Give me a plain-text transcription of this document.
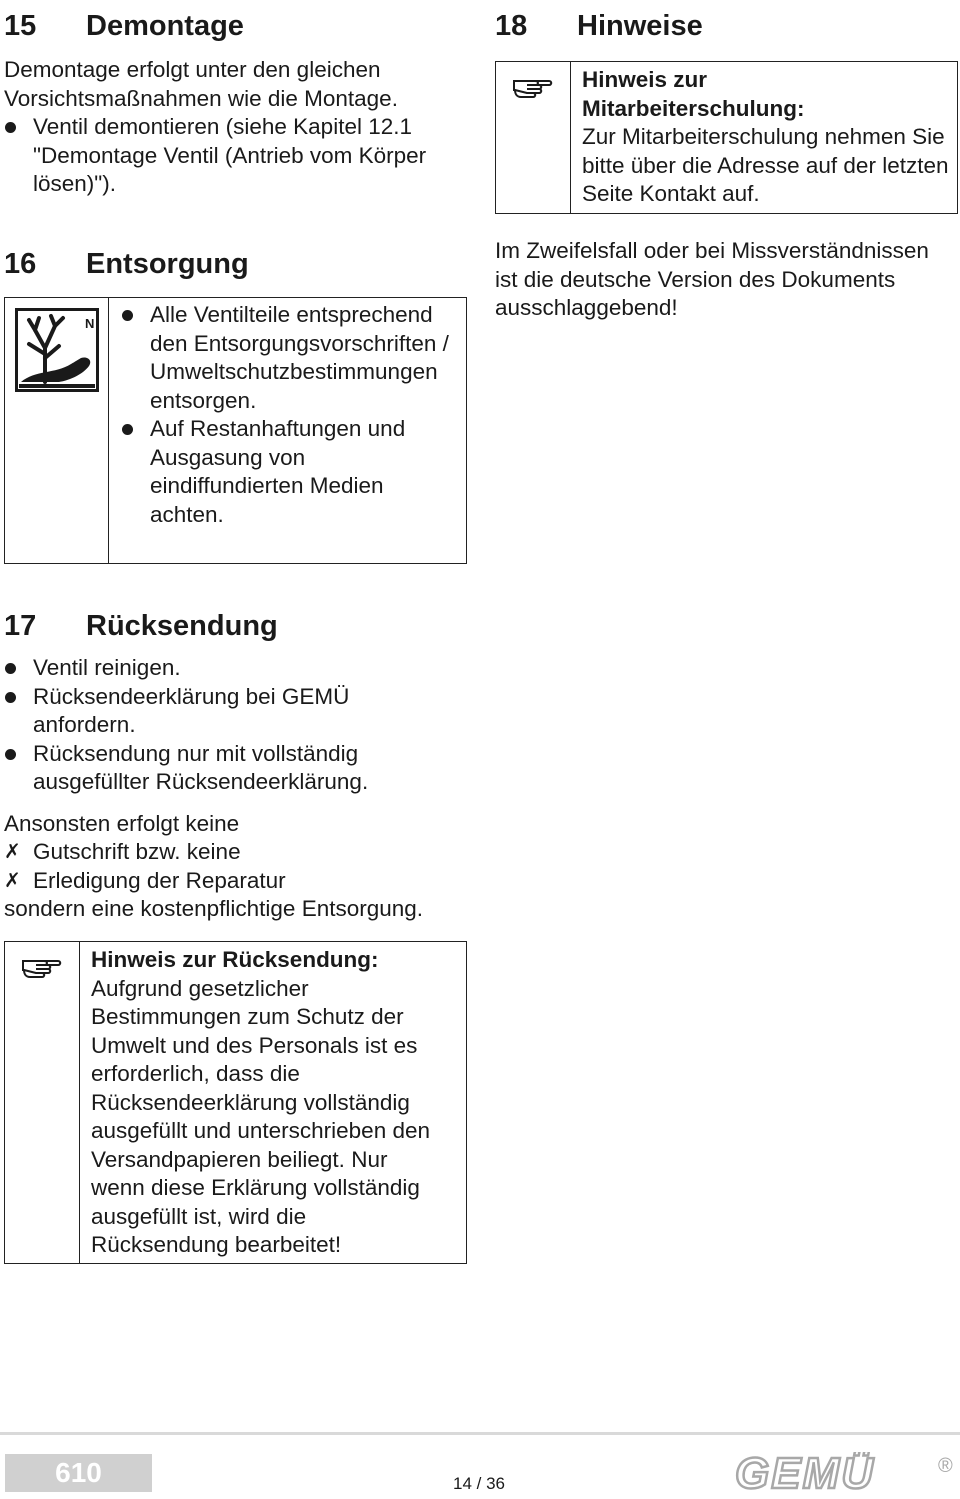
15	Demontage
Demontage erfolgt unter den gleichen Vorsichtsmaßnahmen wie die Montage.
Ventil demontieren (siehe Kapitel 12.1 "Demontage Ventil (Antrieb vom Körper lösen)").
16	Entsorgung
N	Alle Ventilteile entsprechend den Entsorgungsvorschriften / Umweltschutzbestimmungen entsorgen.
Auf Restanhaftungen und Ausgasung von eindiffundierten Medien achten.
17	Rücksendung
Ventil reinigen.
Rücksendeerklärung bei GEMÜ anfordern.
Rücksendung nur mit vollständig ausgefüllter Rücksendeerklärung.
Ansonsten erfolgt keine
✗ Gutschrift bzw. keine
✗ Erledigung der Reparatur
sondern eine kostenpflichtige Entsorgung.
Hinweis zur Rücksendung:
Aufgrund gesetzlicher Bestimmungen zum Schutz der Umwelt und des Personals ist es erforderlich, dass die Rücksendeerklärung vollständig ausgefüllt und unterschrieben den Versandpapieren beiliegt. Nur wenn diese Erklärung vollständig ausgefüllt ist, wird die Rücksendung bearbeitet!
18	Hinweise
Hinweis zur Mitarbeiterschulung:
Zur Mitarbeiterschulung nehmen Sie bitte über die Adresse auf der letzten Seite Kontakt auf.
Im Zweifelsfall oder bei Missverständnissen ist die deutsche Version des Dokuments ausschlaggebend!
610	14 / 36	GEMÜ	®
